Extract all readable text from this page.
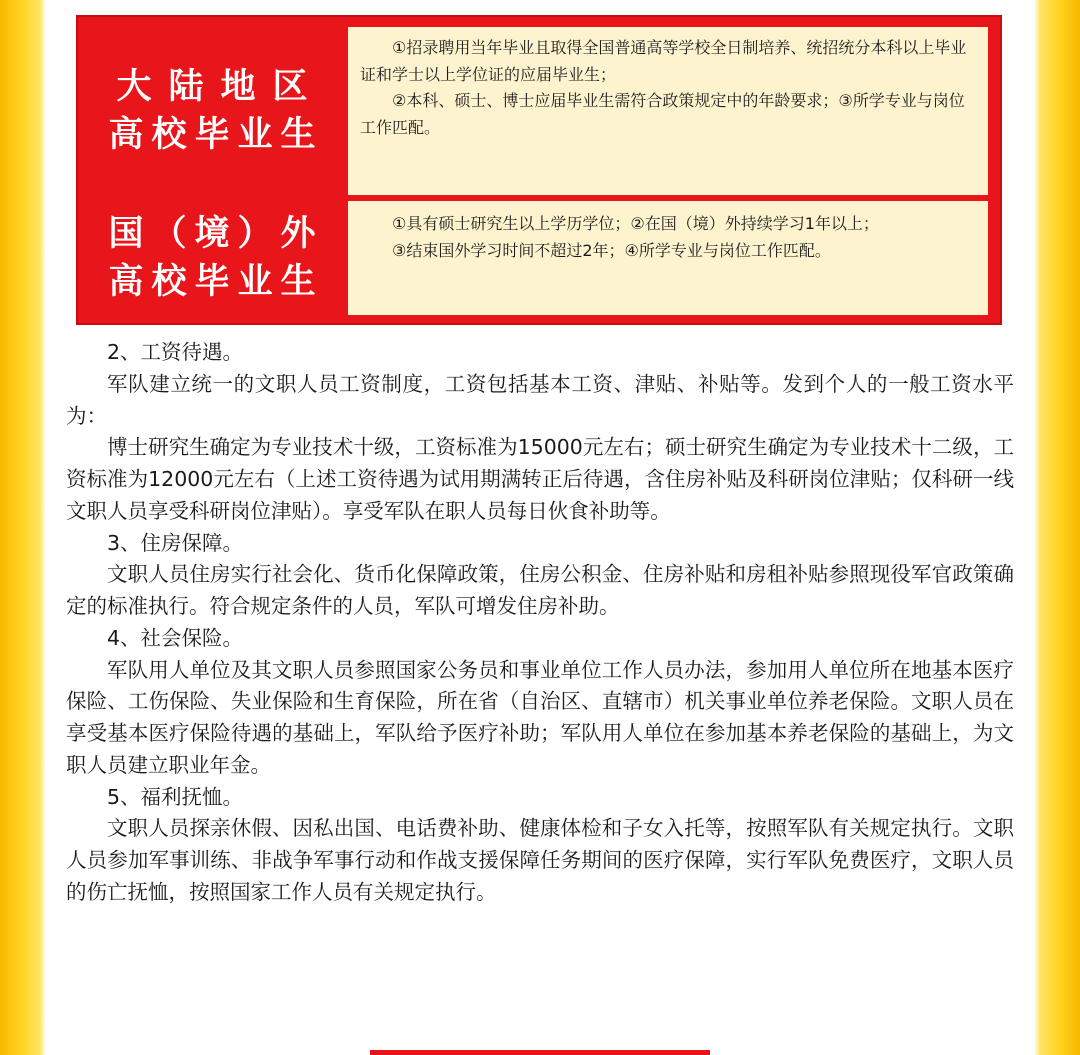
大陆地区
高校毕业生

①招录聘用当年毕业且取得全国普通高等学校全日制培养、统招统分本科以上毕业证和学士以上学位证的应届毕业生；

②本科、硕士、博士应届毕业生需符合政策规定中的年龄要求；③所学专业与岗位工作匹配。

国（境）外
高校毕业生

①具有硕士研究生以上学历学位；②在国（境）外持续学习1年以上；

③结束国外学习时间不超过2年；④所学专业与岗位工作匹配。

2、工资待遇。

军队建立统一的文职人员工资制度，工资包括基本工资、津贴、补贴等。发到个人的一般工资水平为：

博士研究生确定为专业技术十级，工资标准为15000元左右；硕士研究生确定为专业技术十二级，工资标准为12000元左右（上述工资待遇为试用期满转正后待遇，含住房补贴及科研岗位津贴；仅科研一线文职人员享受科研岗位津贴）。享受军队在职人员每日伙食补助等。

3、住房保障。

文职人员住房实行社会化、货币化保障政策，住房公积金、住房补贴和房租补贴参照现役军官政策确定的标准执行。符合规定条件的人员，军队可增发住房补助。

4、社会保险。

军队用人单位及其文职人员参照国家公务员和事业单位工作人员办法，参加用人单位所在地基本医疗保险、工伤保险、失业保险和生育保险，所在省（自治区、直辖市）机关事业单位养老保险。文职人员在享受基本医疗保险待遇的基础上，军队给予医疗补助；军队用人单位在参加基本养老保险的基础上，为文职人员建立职业年金。

5、福利抚恤。

文职人员探亲休假、因私出国、电话费补助、健康体检和子女入托等，按照军队有关规定执行。文职人员参加军事训练、非战争军事行动和作战支援保障任务期间的医疗保障，实行军队免费医疗，文职人员的伤亡抚恤，按照国家工作人员有关规定执行。
